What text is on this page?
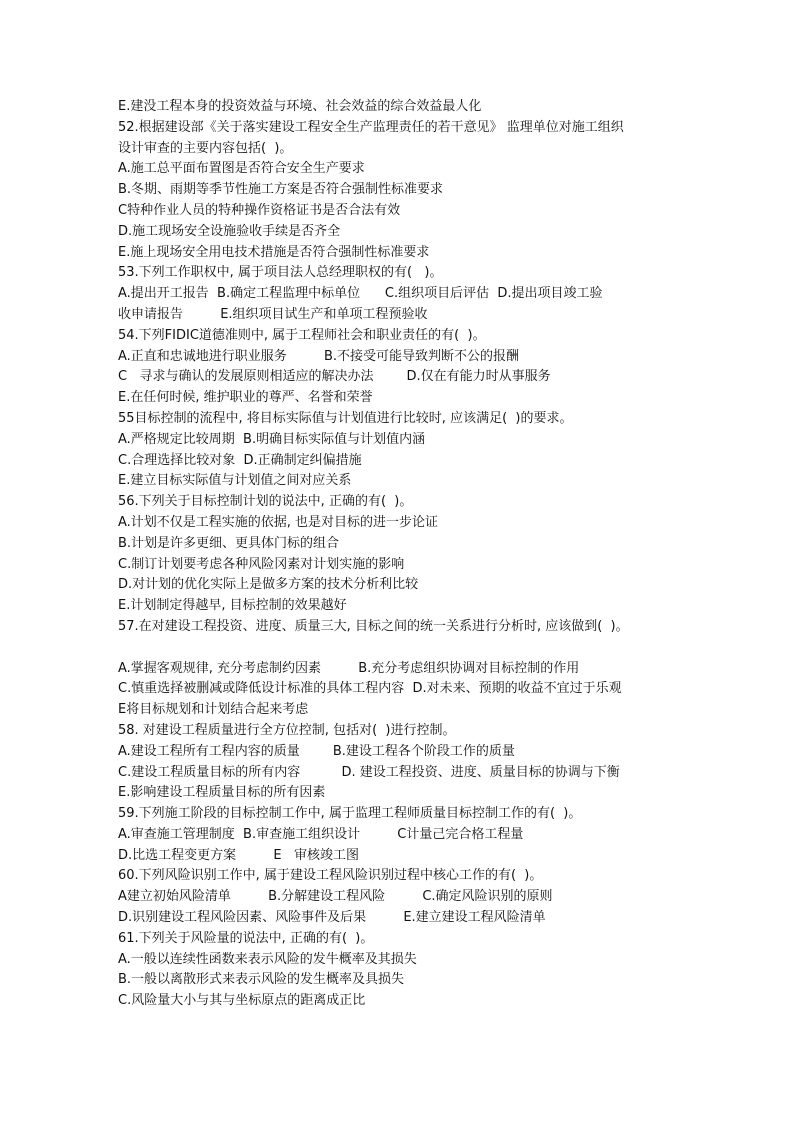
E.建没工程本身的投资效益与环境、社会效益的综合效益最人化
52.根据建设部《关于落实建设工程安全生产监理责任的若干意见》 监理单位对施工组织
设计审查的主要内容包括(  )。
A.施工总平面布置图是否符合安全生产要求
B.冬期、雨期等季节性施工方案是否符合强制性标准要求
C特种作业人员的特种操作资格证书是否合法有效
D.施工现场安全设施验收手续是否齐全
E.施上现场安全用电技术措施是否符合强制性标准要求
53.下列工作职权中, 属于项目法人总经理职权的有(   )。
A.提出开工报告  B.确定工程监理中标单位      C.组织项目后评估  D.提出项目竣工验
收申请报告         E.组织项目试生产和单项工程预验收
54.下列FIDIC道德准则中, 属于工程师社会和职业责任的有(  )。
A.正直和忠诚地进行职业服务         B.不接受可能导致判断不公的报酬
C   寻求与确认的发展原则相适应的解决办法        D.仅在有能力时从事服务
E.在任何时候, 维护职业的尊严、名誉和荣誉
55目标控制的流程中, 将目标实际值与计划值进行比较时, 应该满足(  )的要求。
A.严格规定比较周期  B.明确目标实际值与计划值内涵
C.合理选择比较对象  D.正确制定纠偏措施
E.建立目标实际值与计划值之间对应关系
56.下列关于目标控制计划的说法中, 正确的有(  )。
A.计划不仅是工程实施的依据, 也是对目标的进一步论证
B.计划是许多更细、更具体门标的组合
C.制订计划要考虑各种风险冈素对计划实施的影响
D.对计划的优化实际上是做多方案的技术分析利比较
E.计划制定得越早, 目标控制的效果越好
57.在对建设工程投资、进度、质量三大, 目标之间的统一关系进行分析时, 应该做到(  )。
A.掌握客观规律, 充分考虑制约因素         B.充分考虑组织协调对目标控制的作用
C.慎重选择被删减或降低设计标准的具体工程内容  D.对未来、预期的收益不宜过于乐观
E将目标规划和计划结合起来考虑
58. 对建设工程质量进行全方位控制, 包括对(  )进行控制。
A.建设工程所有工程内容的质量        B.建设工程各个阶段工作的质量
C.建设工程质量目标的所有内容          D. 建设工程投资、进度、质量目标的协调与下衡
E.影响建设工程质量目标的所有因素
59.下列施工阶段的目标控制工作中, 属于监理工程师质量目标控制工作的有(  )。
A.审查施工管理制度  B.审查施工组织设计         C计量己完合格工程量
D.比选工程变更方案         E   审核竣工图
60.下列风险识别工作中, 属于建设工程风险识别过程中核心工作的有(  )。
A建立初始风险清单         B.分解建设工程风险         C.确定风险识别的原则
D.识别建设工程风险因素、风险事件及后果         E.建立建设工程风险清单
61.下列关于风险量的说法中, 正确的有(  )。
A.一般以连续性函数来表示风险的发牛概率及其损失
B.一般以离散形式来表示风险的发生概率及具损失
C.风险量大小与其与坐标原点的距离成正比
